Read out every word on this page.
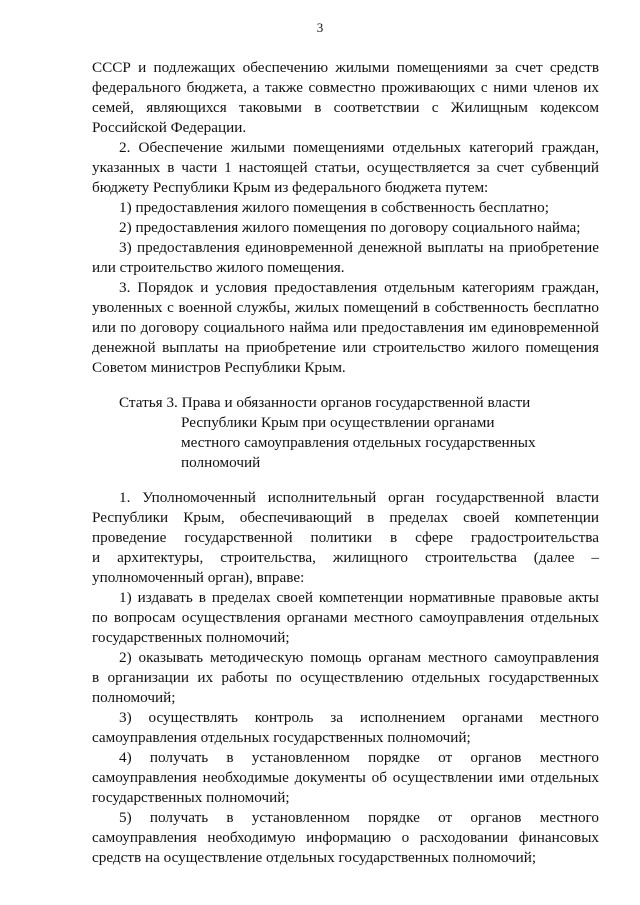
3
СССР и подлежащих обеспечению жилыми помещениями за счет средств
федерального бюджета, а также совместно проживающих с ними членов их
семей, являющихся таковыми в соответствии с Жилищным кодексом
Российской Федерации.
2. Обеспечение жилыми помещениями отдельных категорий граждан,
указанных в части 1 настоящей статьи, осуществляется за счет субвенций
бюджету Республики Крым из федерального бюджета путем:
1) предоставления жилого помещения в собственность бесплатно;
2) предоставления жилого помещения по договору социального найма;
3) предоставления единовременной денежной выплаты на приобретение
или строительство жилого помещения.
3. Порядок и условия предоставления отдельным категориям граждан,
уволенных с военной службы, жилых помещений в собственность бесплатно
или по договору социального найма или предоставления им единовременной
денежной выплаты на приобретение или строительство жилого помещения
Советом министров Республики Крым.
Статья 3. Права и обязанности органов государственной власти
Республики Крым при осуществлении органами
местного самоуправления отдельных государственных
полномочий
1. Уполномоченный исполнительный орган государственной власти
Республики Крым, обеспечивающий в пределах своей компетенции
проведение государственной политики в сфере градостроительства
и архитектуры, строительства, жилищного строительства (далее –
уполномоченный орган), вправе:
1) издавать в пределах своей компетенции нормативные правовые акты
по вопросам осуществления органами местного самоуправления отдельных
государственных полномочий;
2) оказывать методическую помощь органам местного самоуправления
в организации их работы по осуществлению отдельных государственных
полномочий;
3) осуществлять контроль за исполнением органами местного
самоуправления отдельных государственных полномочий;
4) получать в установленном порядке от органов местного
самоуправления необходимые документы об осуществлении ими отдельных
государственных полномочий;
5) получать в установленном порядке от органов местного
самоуправления необходимую информацию о расходовании финансовых
средств на осуществление отдельных государственных полномочий;
